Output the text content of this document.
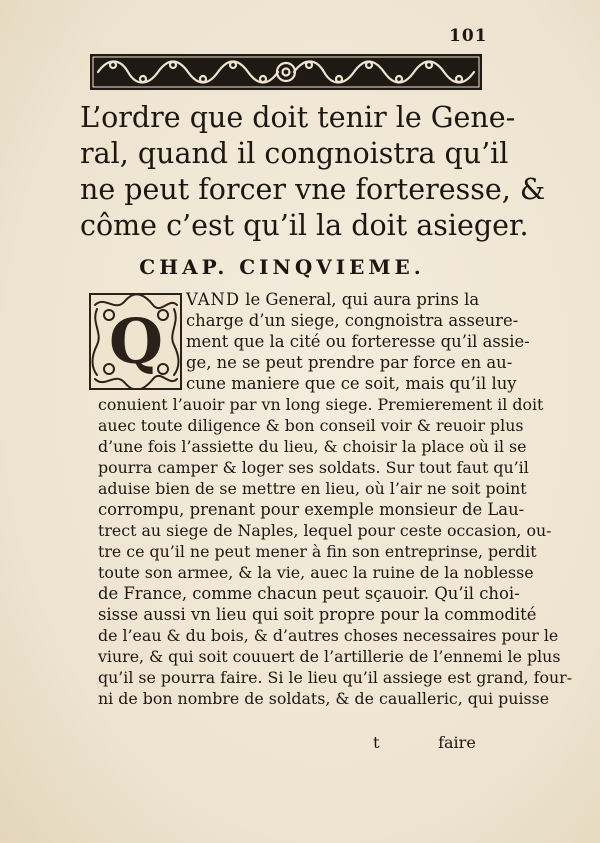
101
L’ordre que doit tenir le Gene-
ral, quand il congnoistra qu’il
ne peut forcer vne forteresse, &
côme c’est qu’il la doit asieger.
CHAP. CINQVIEME.
Q
VAND le General, qui aura prins la
charge d’un siege, congnoistra asseure-
ment que la cité ou forteresse qu’il assie-
ge, ne se peut prendre par force en au-
cune maniere que ce soit, mais qu’il luy
conuient l’auoir par vn long siege. Premierement il doit
auec toute diligence & bon conseil voir & reuoir plus
d’une fois l’assiette du lieu, & choisir la place où il se
pourra camper & loger ses soldats. Sur tout faut qu’il
aduise bien de se mettre en lieu, où l’air ne soit point
corrompu, prenant pour exemple monsieur de Lau-
trect au siege de Naples, lequel pour ceste occasion, ou-
tre ce qu’il ne peut mener à fin son entreprinse, perdit
toute son armee, & la vie, auec la ruine de la noblesse
de France, comme chacun peut sçauoir. Qu’il choi-
sisse aussi vn lieu qui soit propre pour la commodité
de l’eau & du bois, & d’autres choses necessaires pour le
viure, & qui soit couuert de l’artillerie de l’ennemi le plus
qu’il se pourra faire. Si le lieu qu’il assiege est grand, four-
ni de bon nombre de soldats, & de caualleric, qui puisse
t	faire
